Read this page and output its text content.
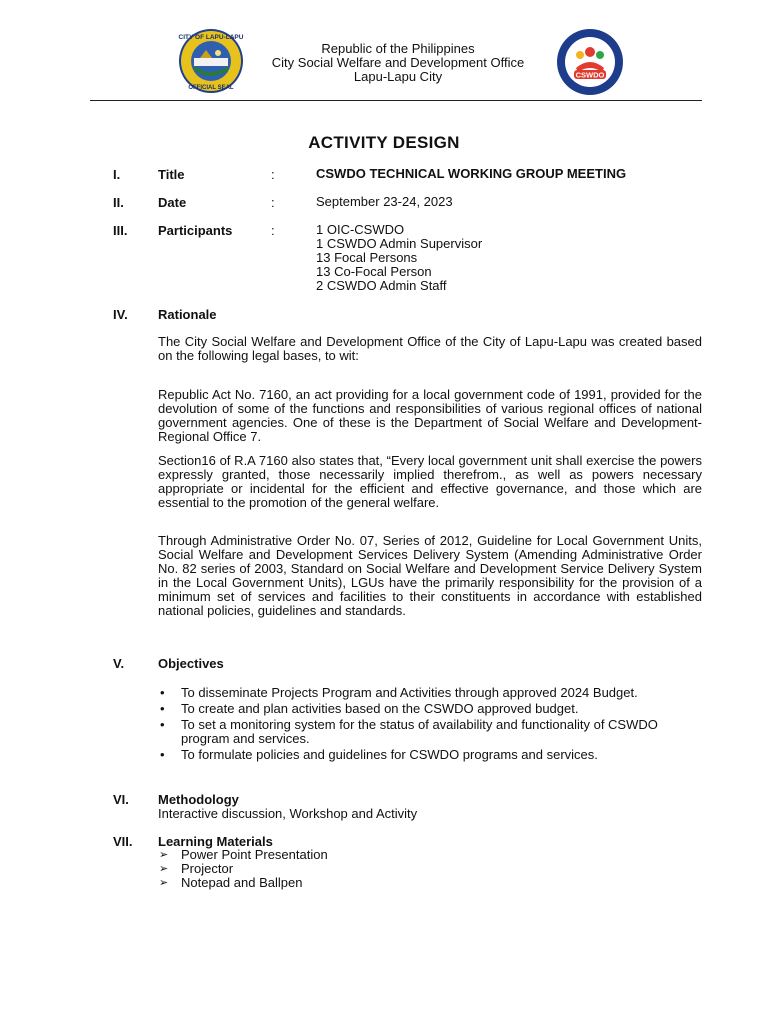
CITY OF LAPU-LAPU
OFFICIAL SEAL
Republic of the Philippines
City Social Welfare and Development Office
Lapu-Lapu City	CSWDO
ACTIVITY DESIGN
I.	Title	:	CSWDO TECHNICAL WORKING GROUP MEETING
II.	Date	:	September 23-24, 2023
III. Participants	:	1 OIC-CSWDO
1 CSWDO Admin Supervisor
13 Focal Persons
13 Co-Focal Person
2 CSWDO Admin Staff
IV. Rationale
The City Social Welfare and Development Office of the City of Lapu-Lapu was created based on the following legal bases, to wit:
Republic Act No. 7160, an act providing for a local government code of 1991, provided for the devolution of some of the functions and responsibilities of various regional offices of national government agencies. One of these is the Department of Social Welfare and Development- Regional Office 7.
Section16 of R.A 7160 also states that, “Every local government unit shall exercise the powers expressly granted, those necessarily implied therefrom., as well as powers necessary appropriate or incidental for the efficient and effective governance, and those which are essential to the promotion of the general welfare.
Through Administrative Order No. 07, Series of 2012, Guideline for Local Government Units, Social Welfare and Development Services Delivery System (Amending Administrative Order No. 82 series of 2003, Standard on Social Welfare and Development Service Delivery System in the Local Government Units), LGUs have the primarily responsibility for the provision of a minimum set of services and facilities to their constituents in accordance with established national policies, guidelines and standards.
V.	Objectives
• To disseminate Projects Program and Activities through approved 2024 Budget.
• To create and plan activities based on the CSWDO approved budget.
• To set a monitoring system for the status of availability and functionality of CSWDO program and services.
• To formulate policies and guidelines for CSWDO programs and services.
VI. Methodology
Interactive discussion, Workshop and Activity
VII. Learning Materials
➢ Power Point Presentation
➢ Projector
➢ Notepad and Ballpen
